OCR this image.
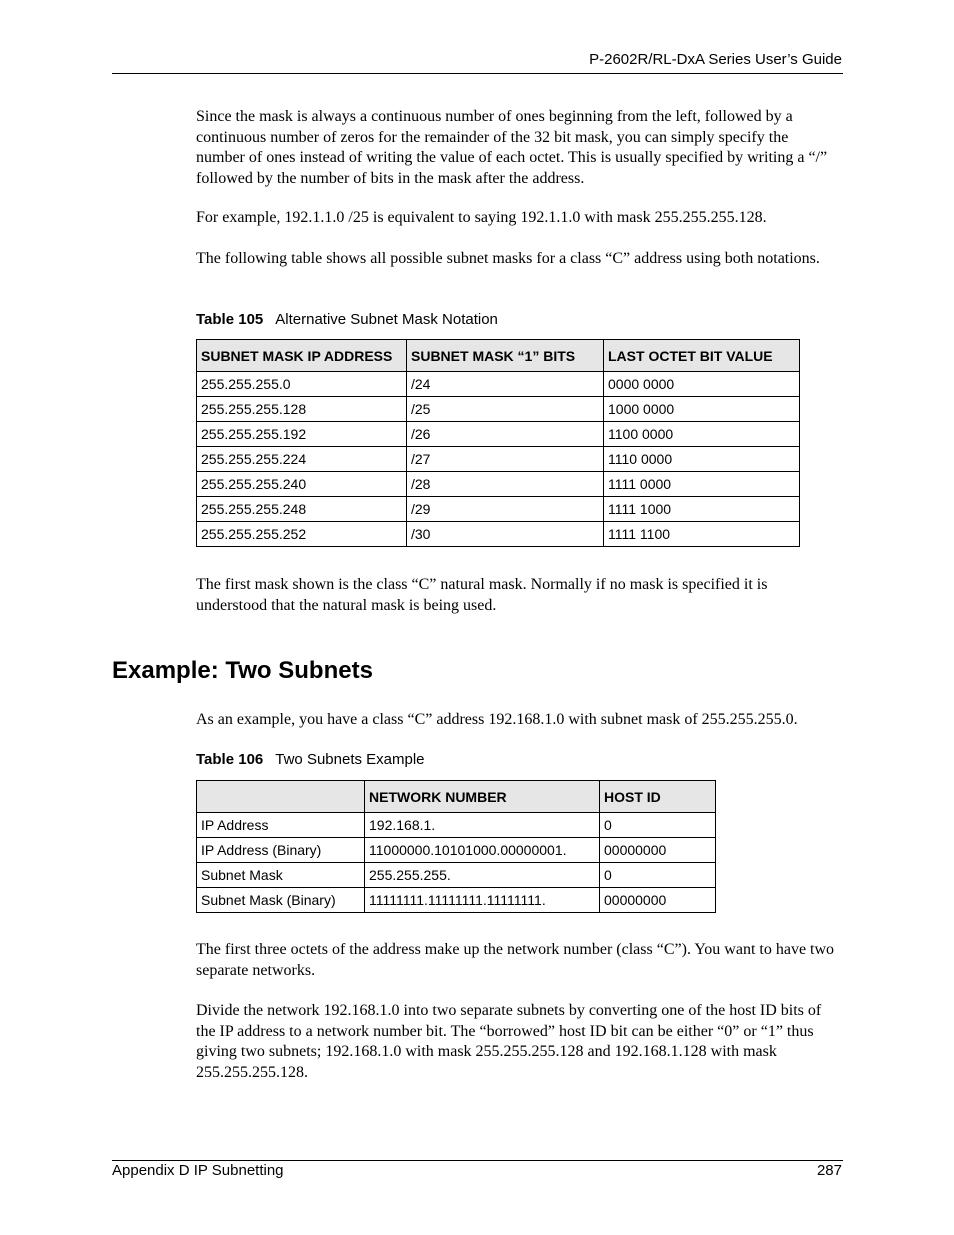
P-2602R/RL-DxA Series User’s Guide

Since the mask is always a continuous number of ones beginning from the left, followed by a continuous number of zeros for the remainder of the 32 bit mask, you can simply specify the number of ones instead of writing the value of each octet. This is usually specified by writing a “/” followed by the number of bits in the mask after the address.

For example, 192.1.1.0 /25 is equivalent to saying 192.1.1.0 with mask 255.255.255.128.

The following table shows all possible subnet masks for a class “C” address using both notations.

Table 105 Alternative Subnet Mask Notation
SUBNET MASK IP ADDRESS	SUBNET MASK “1” BITS	LAST OCTET BIT VALUE
255.255.255.0	/24	0000 0000
255.255.255.128	/25	1000 0000
255.255.255.192	/26	1100 0000
255.255.255.224	/27	1110 0000
255.255.255.240	/28	1111 0000
255.255.255.248	/29	1111 1000
255.255.255.252	/30	1111 1100

The first mask shown is the class “C” natural mask. Normally if no mask is specified it is understood that the natural mask is being used.

Example: Two Subnets

As an example, you have a class “C” address 192.168.1.0 with subnet mask of 255.255.255.0.

Table 106 Two Subnets Example
	NETWORK NUMBER	HOST ID
IP Address	192.168.1.	0
IP Address (Binary)	11000000.10101000.00000001.	00000000
Subnet Mask	255.255.255.	0
Subnet Mask (Binary)	11111111.11111111.11111111.	00000000

The first three octets of the address make up the network number (class “C”). You want to have two separate networks.

Divide the network 192.168.1.0 into two separate subnets by converting one of the host ID bits of the IP address to a network number bit. The “borrowed” host ID bit can be either “0” or “1” thus giving two subnets; 192.168.1.0 with mask 255.255.255.128 and 192.168.1.128 with mask 255.255.255.128.

Appendix D IP Subnetting	287
